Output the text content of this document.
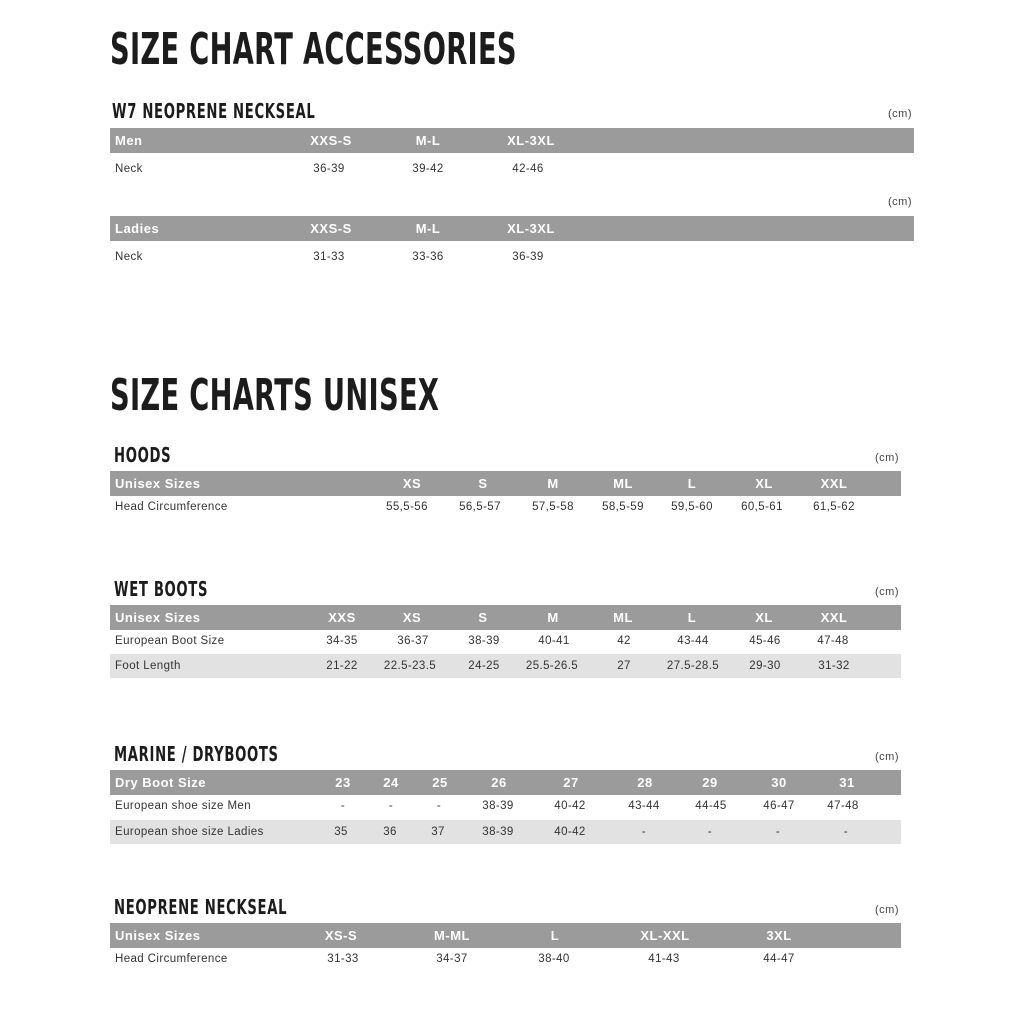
SIZE CHART ACCESSORIES
W7 NEOPRENE NECKSEAL	(cm)
Men	XXS-S	M-L	XL-3XL
Neck	36-39	39-42	42-46
(cm)
Ladies	XXS-S	M-L	XL-3XL
Neck	31-33	33-36	36-39
SIZE CHARTS UNISEX
HOODS	(cm)
Unisex Sizes	XS	S	M	ML	L	XL	XXL
Head Circumference	55,5-56	56,5-57	57,5-58 58,5-59 59,5-60 60,5-61	61,5-62
WET BOOTS	(cm)
Unisex Sizes	XXS	XS	S	M	ML	L	XL	XXL
European Boot Size	34-35	36-37	38-39	40-41	42	43-44	45-46	47-48
Foot Length	21-22 22.5-23.5	24-25 25.5-26.5	27	27.5-28.5	29-30	31-32
MARINE / DRYBOOTS	(cm)
Dry Boot Size	23	24	25	26	27	28	29	30	31
European shoe size Men	-	-	-	38-39	40-42	43-44	44-45	46-47	47-48
European shoe size Ladies	35	36	37	38-39	40-42	-	-	-	-
NEOPRENE NECKSEAL	(cm)
Unisex Sizes	XS-S	M-ML	L	XL-XXL	3XL
Head Circumference	31-33	34-37	38-40	41-43	44-47
